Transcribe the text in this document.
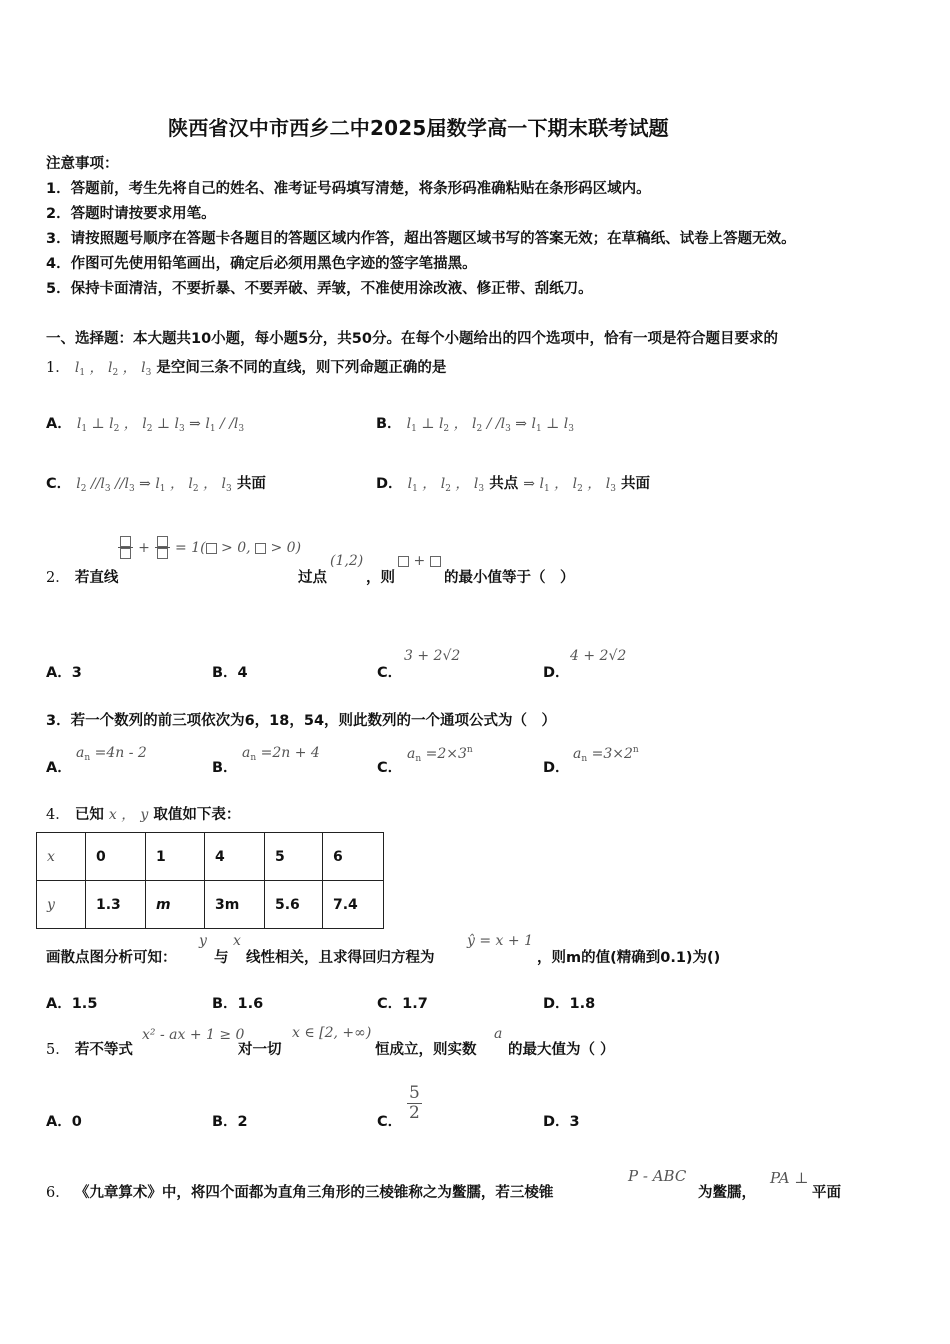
陕西省汉中市西乡二中2025届数学高一下期末联考试题
注意事项：
1．答题前，考生先将自己的姓名、准考证号码填写清楚，将条形码准确粘贴在条形码区域内。
2．答题时请按要求用笔。
3．请按照题号顺序在答题卡各题目的答题区域内作答，超出答题区域书写的答案无效；在草稿纸、试卷上答题无效。
4．作图可先使用铅笔画出，确定后必须用黑色字迹的签字笔描黑。
5．保持卡面清洁，不要折暴、不要弄破、弄皱，不准使用涂改液、修正带、刮纸刀。
一、选择题：本大题共10小题，每小题5分，共50分。在每个小题给出的四个选项中，恰有一项是符合题目要求的
1． $l_1$ ， $l_2$ ， $l_3$ 是空间三条不同的直线，则下列命题正确的是
A． $l_1$ ⊥ $l_2$ ， $l_2$ ⊥ $l_3$ ⇒ $l_1 / /l_3$	B． $l_1$ ⊥ $l_2$ ， $l_2 / /l_3$ ⇒ $l_1$ ⊥ $l_3$
C． $l_2$ $//l_3$ $//l_3$ ⇒ $l_1$ ， $l_2$ ， $l_3$ 共面	D． $l_1$ ， $l_2$ ， $l_3$ 共点 ⇒ $l_1$ ， $l_2$ ， $l_3$ 共面
+ = 1( > 0,  > 0)
2． 若直线	过点
(1,2)
，则
+
的最小值等于（　）
A．3	B．4	C．
3 + 2√2
D．
4 + 2√2
3．若一个数列的前三项依次为6，18，54，则此数列的一个通项公式为（　）
A．
$a_n =4n - 2$
B．
$a_n =2n + 4$
C．
$a_n =2\times 3^n$
D．
$a_n =3\times 2^n$
4． 已知 x ， y 取值如下表：
x	0	1	4	5	6
y	1.3	m	3m	5.6	7.4
画散点图分析可知：
y
与
x
线性相关，且求得回归方程为
ŷ = x + 1
，则m的值(精确到0.1)为()
A．1.5	B．1.6	C．1.7	D．1.8
5． 若不等式
x² - ax + 1 ≥ 0
对一切
x ∈ [2, +∞)
恒成立，则实数
a
的最大值为（ ）
A．0	B．2	C． $\frac{5}{2}$	D．3
6． 《九章算术》中，将四个面都为直角三角形的三棱锥称之为鳖臑，若三棱锥
P - ABC
为鳖臑，
PA ⊥
平面
